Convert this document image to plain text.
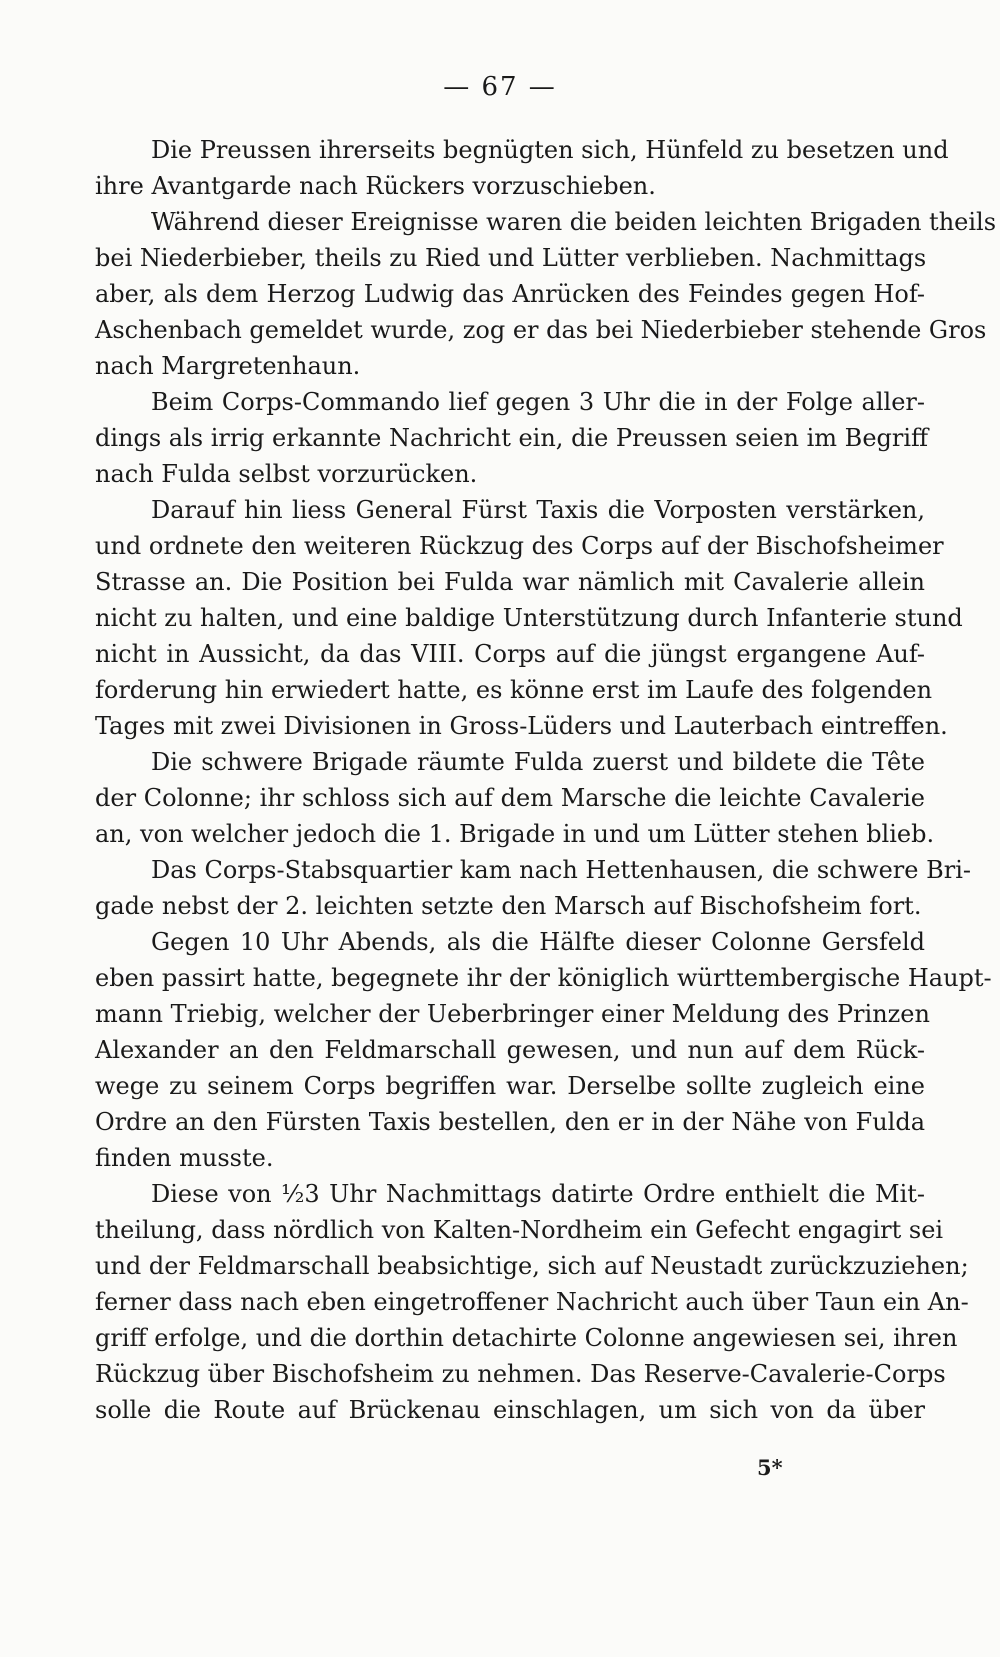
— 67 —
Die Preussen ihrerseits begnügten sich, Hünfeld zu besetzen und
ihre Avantgarde nach Rückers vorzuschieben.
Während dieser Ereignisse waren die beiden leichten Brigaden theils
bei Niederbieber, theils zu Ried und Lütter verblieben. Nachmittags
aber, als dem Herzog Ludwig das Anrücken des Feindes gegen Hof-
Aschenbach gemeldet wurde, zog er das bei Niederbieber stehende Gros
nach Margretenhaun.
Beim Corps-Commando lief gegen 3 Uhr die in der Folge aller-
dings als irrig erkannte Nachricht ein, die Preussen seien im Begriff
nach Fulda selbst vorzurücken.
Darauf hin liess General Fürst Taxis die Vorposten verstärken,
und ordnete den weiteren Rückzug des Corps auf der Bischofsheimer
Strasse an. Die Position bei Fulda war nämlich mit Cavalerie allein
nicht zu halten, und eine baldige Unterstützung durch Infanterie stund
nicht in Aussicht, da das VIII. Corps auf die jüngst ergangene Auf-
forderung hin erwiedert hatte, es könne erst im Laufe des folgenden
Tages mit zwei Divisionen in Gross-Lüders und Lauterbach eintreffen.
Die schwere Brigade räumte Fulda zuerst und bildete die Tête
der Colonne; ihr schloss sich auf dem Marsche die leichte Cavalerie
an, von welcher jedoch die 1. Brigade in und um Lütter stehen blieb.
Das Corps-Stabsquartier kam nach Hettenhausen, die schwere Bri-
gade nebst der 2. leichten setzte den Marsch auf Bischofsheim fort.
Gegen 10 Uhr Abends, als die Hälfte dieser Colonne Gersfeld
eben passirt hatte, begegnete ihr der königlich württembergische Haupt-
mann Triebig, welcher der Ueberbringer einer Meldung des Prinzen
Alexander an den Feldmarschall gewesen, und nun auf dem Rück-
wege zu seinem Corps begriffen war. Derselbe sollte zugleich eine
Ordre an den Fürsten Taxis bestellen, den er in der Nähe von Fulda
finden musste.
Diese von ½3 Uhr Nachmittags datirte Ordre enthielt die Mit-
theilung, dass nördlich von Kalten-Nordheim ein Gefecht engagirt sei
und der Feldmarschall beabsichtige, sich auf Neustadt zurückzuziehen;
ferner dass nach eben eingetroffener Nachricht auch über Taun ein An-
griff erfolge, und die dorthin detachirte Colonne angewiesen sei, ihren
Rückzug über Bischofsheim zu nehmen. Das Reserve-Cavalerie-Corps
solle die Route auf Brückenau einschlagen, um sich von da über
5*
